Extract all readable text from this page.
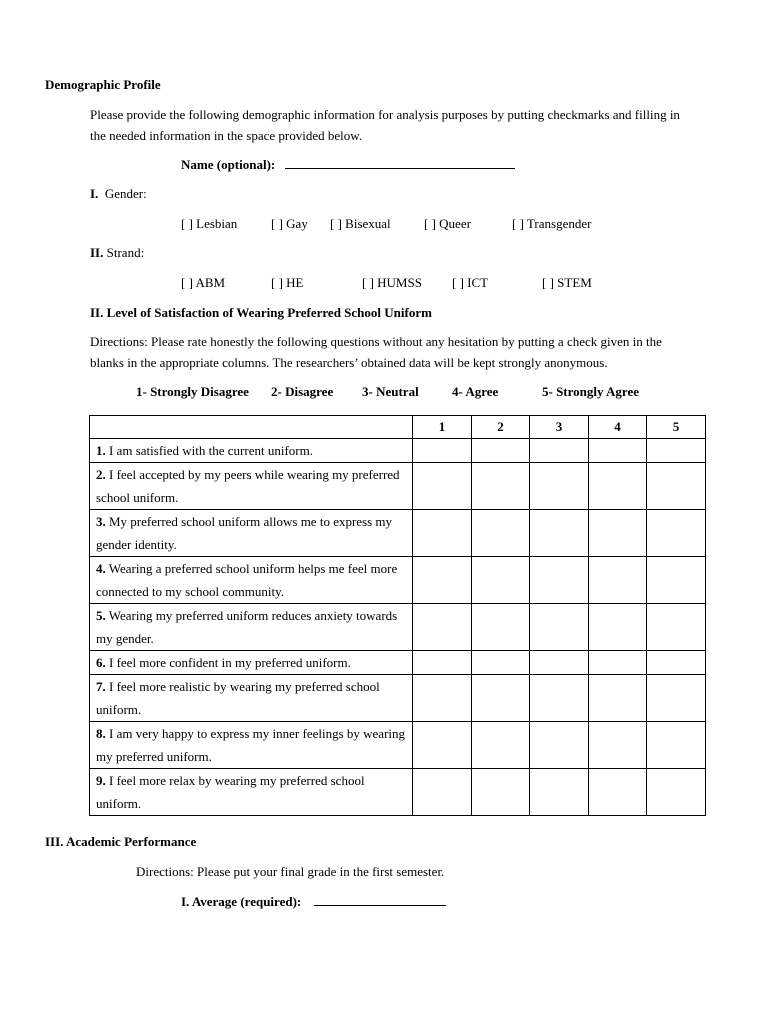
Demographic Profile
Please provide the following demographic information for analysis purposes by putting checkmarks and filling in
the needed information in the space provided below.
Name (optional):
I. Gender:
[ ] Lesbian	[ ] Gay [ ] Bisexual	[ ] Queer	[ ] Transgender
II. Strand:
[ ] ABM	[ ] HE	[ ] HUMSS [ ] ICT	[ ] STEM
II. Level of Satisfaction of Wearing Preferred School Uniform
Directions: Please rate honestly the following questions without any hesitation by putting a check given in the
blanks in the appropriate columns. The researchers’ obtained data will be kept strongly anonymous.
1- Strongly Disagree 2- Disagree 3- Neutral	4- Agree	5- Strongly Agree
	1	2	3	4	5
1. I am satisfied with the current uniform.					
2. I feel accepted by my peers while wearing my preferred school uniform.					
3. My preferred school uniform allows me to express my gender identity.					
4. Wearing a preferred school uniform helps me feel more connected to my school community.					
5. Wearing my preferred uniform reduces anxiety towards my gender.					
6. I feel more confident in my preferred uniform.					
7. I feel more realistic by wearing my preferred school uniform.					
8. I am very happy to express my inner feelings by wearing my preferred uniform.					
9. I feel more relax by wearing my preferred school uniform.					
III. Academic Performance
Directions: Please put your final grade in the first semester.
I. Average (required):
